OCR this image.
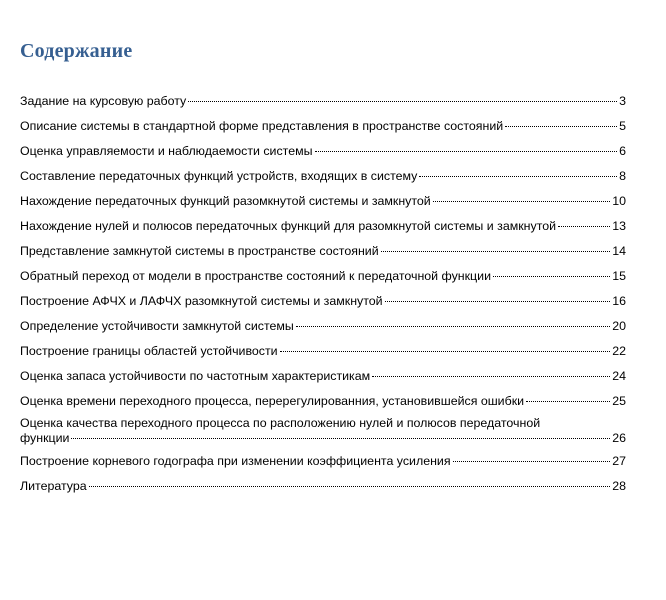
Содержание
Задание на курсовую работу	3
Описание системы в стандартной форме представления в пространстве состояний	5
Оценка управляемости и наблюдаемости системы	6
Составление передаточных функций устройств, входящих в систему	8
Нахождение передаточных функций разомкнутой системы и замкнутой	10
Нахождение нулей и полюсов передаточных функций для разомкнутой системы и замкнутой	13
Представление замкнутой системы в пространстве состояний	14
Обратный переход от модели в пространстве состояний к передаточной функции	15
Построение АФЧХ и ЛАФЧХ разомкнутой системы и замкнутой	16
Определение устойчивости замкнутой системы	20
Построение границы областей устойчивости	22
Оценка запаса устойчивости по частотным характеристикам	24
Оценка времени переходного процесса, перерегулированния, установившейся ошибки	25
Оценка качества переходного процесса по расположению нулей и полюсов передаточной
функции	26
Построение корневого годографа при изменении коэффициента усиления	27
Литература	28
